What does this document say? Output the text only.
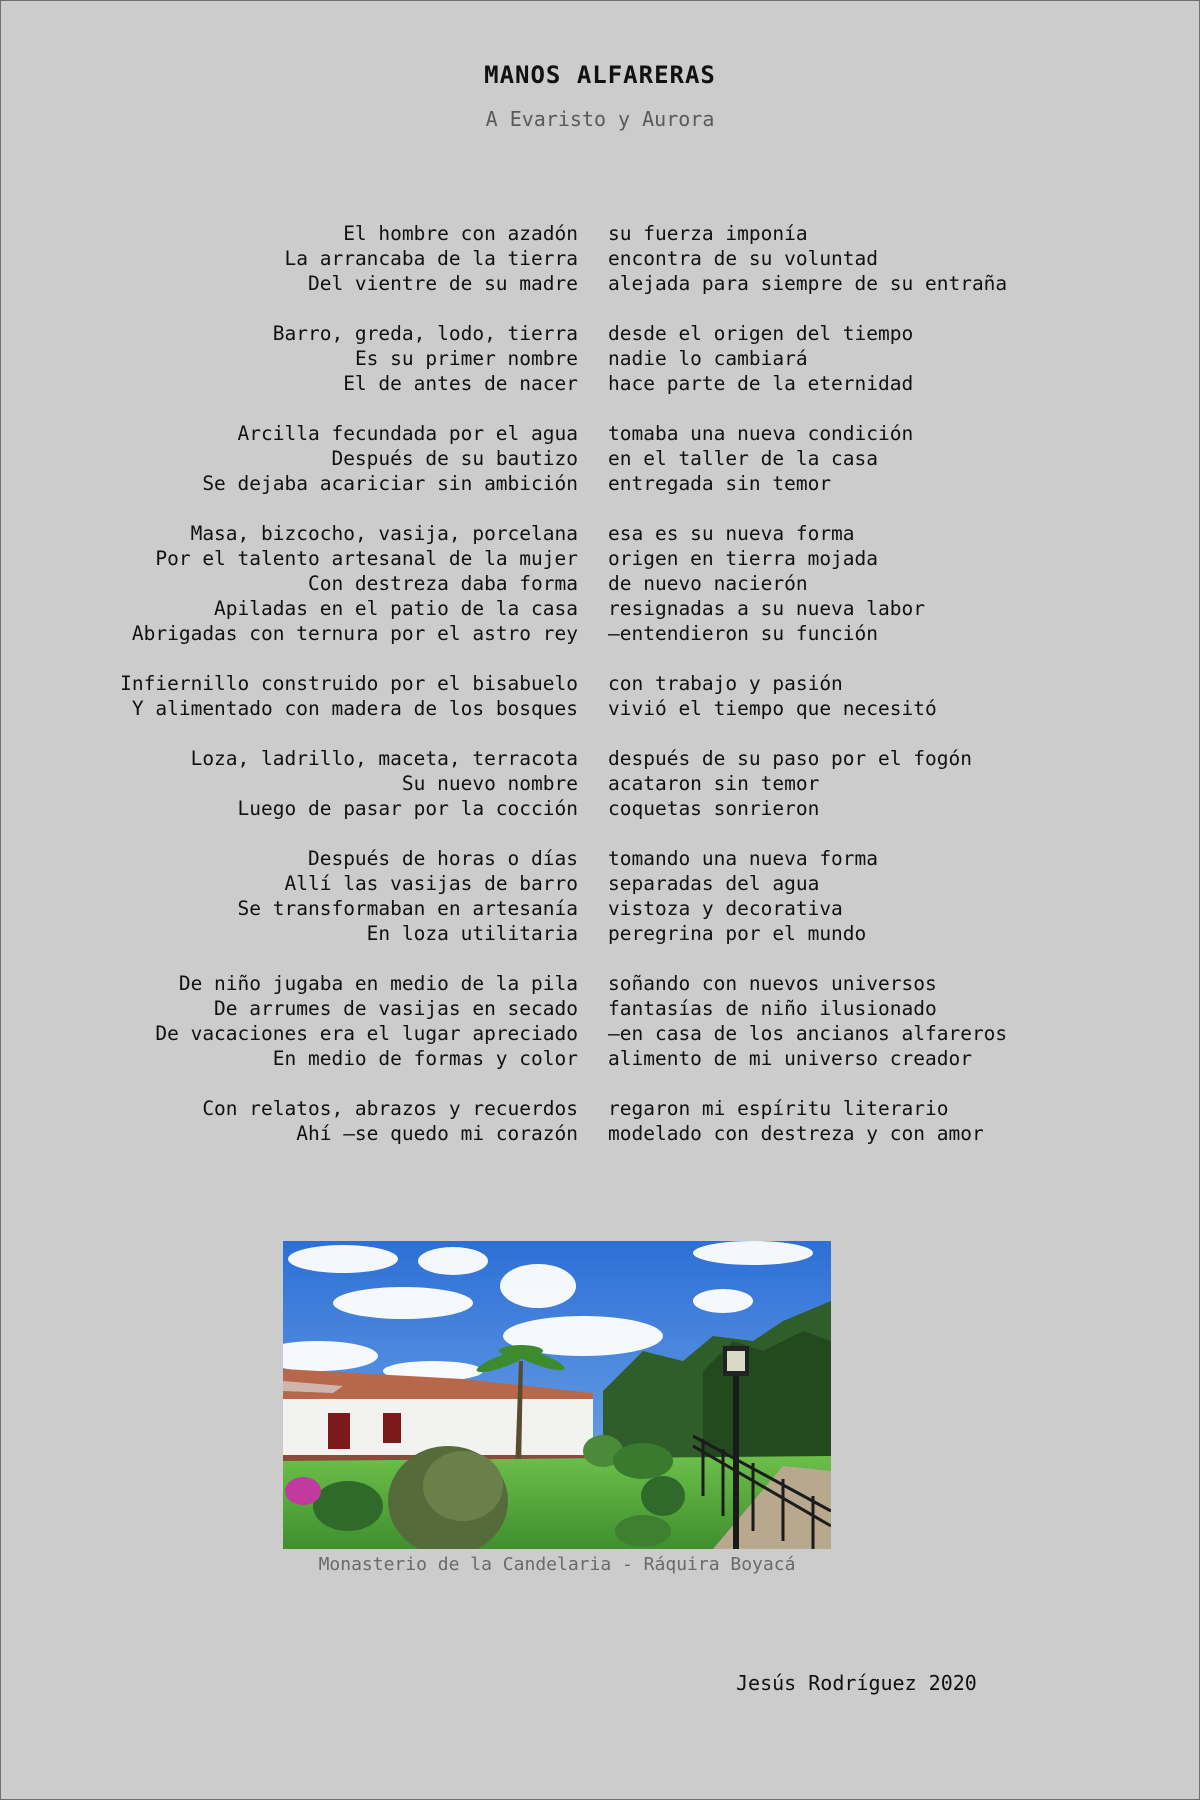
MANOS ALFARERAS
A Evaristo y Aurora
El hombre con azadón su fuerza imponía
La arrancaba de la tierra encontra de su voluntad
Del vientre de su madre alejada para siempre de su entraña
Barro, greda, lodo, tierra desde el origen del tiempo
Es su primer nombre nadie lo cambiará
El de antes de nacer hace parte de la eternidad
Arcilla fecundada por el agua tomaba una nueva condición
Después de su bautizo en el taller de la casa
Se dejaba acariciar sin ambición entregada sin temor
Masa, bizcocho, vasija, porcelana esa es su nueva forma
Por el talento artesanal de la mujer origen en tierra mojada
Con destreza daba forma de nuevo nacierón
Apiladas en el patio de la casa resignadas a su nueva labor
Abrigadas con ternura por el astro rey —entendieron su función
Infiernillo construido por el bisabuelo con trabajo y pasión
Y alimentado con madera de los bosques vivió el tiempo que necesitó
Loza, ladrillo, maceta, terracota después de su paso por el fogón
Su nuevo nombre acataron sin temor
Luego de pasar por la cocción coquetas sonrieron
Después de horas o días tomando una nueva forma
Allí las vasijas de barro separadas del agua
Se transformaban en artesanía vistoza y decorativa
En loza utilitaria peregrina por el mundo
De niño jugaba en medio de la pila soñando con nuevos universos
De arrumes de vasijas en secado fantasías de niño ilusionado
De vacaciones era el lugar apreciado —en casa de los ancianos alfareros
En medio de formas y color alimento de mi universo creador
Con relatos, abrazos y recuerdos regaron mi espíritu literario
Ahí —se quedo mi corazón modelado con destreza y con amor
Monasterio de la Candelaria - Ráquira Boyacá
Jesús Rodríguez 2020
